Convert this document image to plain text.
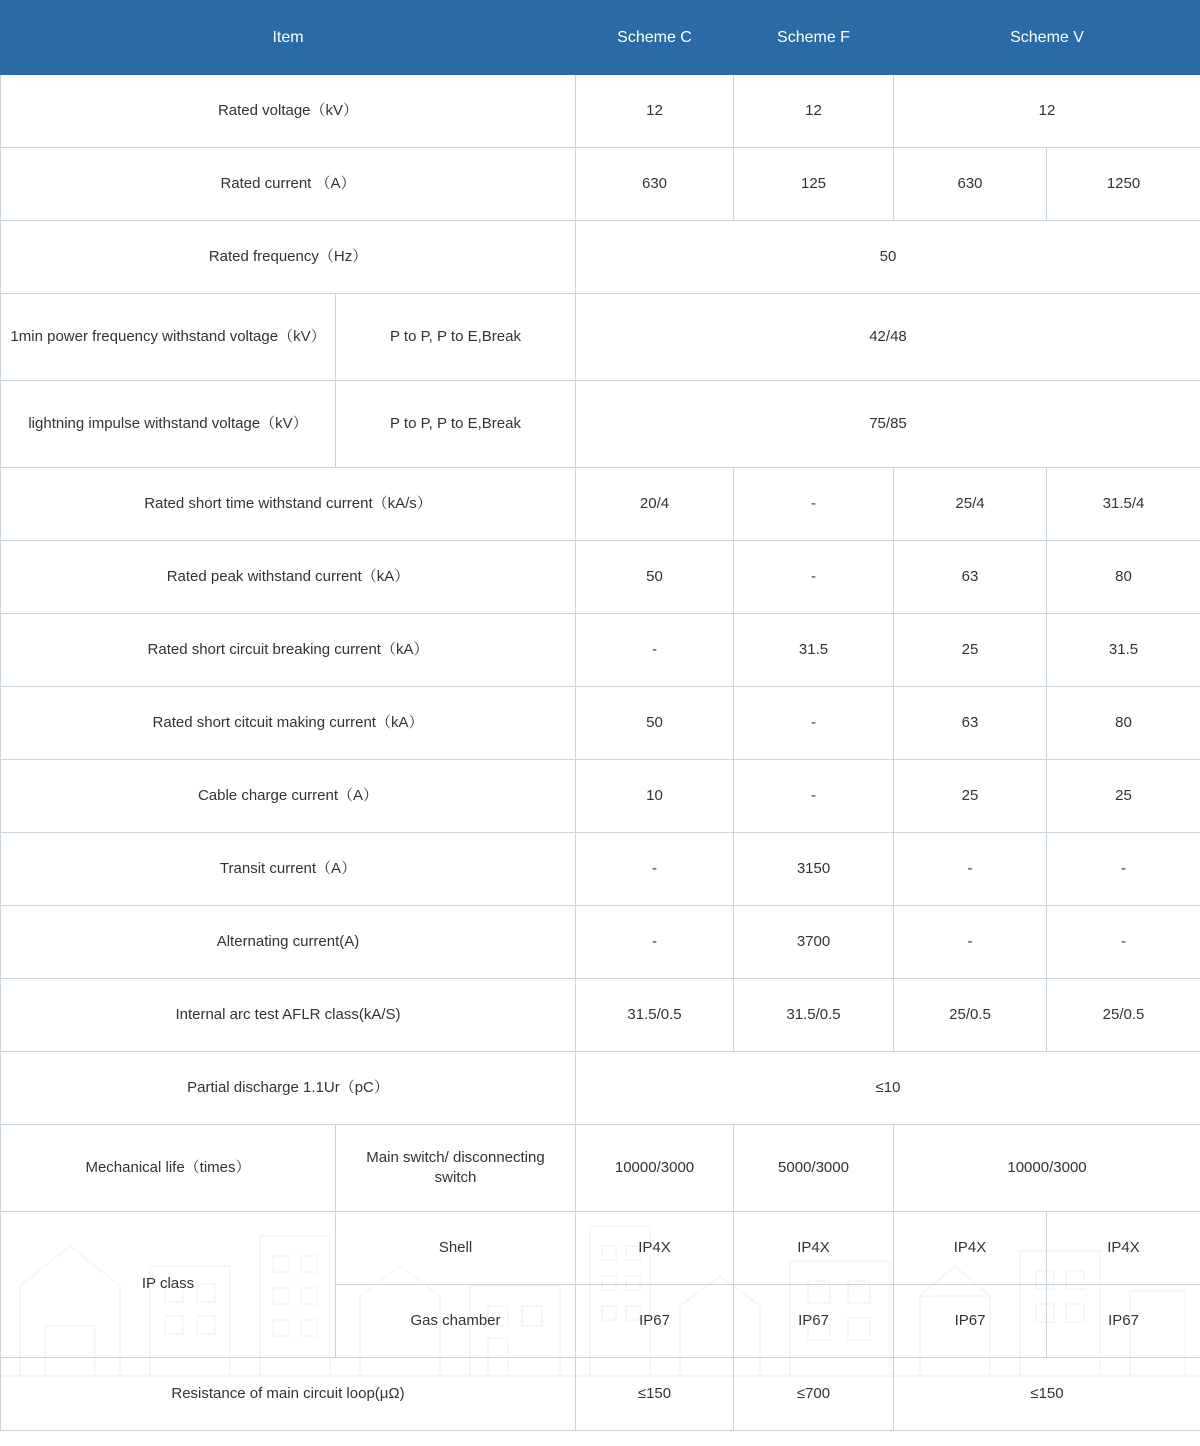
Item		Scheme C	Scheme F	Scheme V	
Rated voltage（kV）		12	12	12	
Rated current （A）		630	125	630	1250
Rated frequency（Hz）		50			
1min power frequency withstand voltage（kV）	P to P, P to E,Break	42/48			
lightning impulse withstand voltage（kV）	P to P, P to E,Break	75/85			
Rated short time withstand current（kA/s）		20/4	-	25/4	31.5/4
Rated peak withstand current（kA）		50	-	63	80
Rated short circuit breaking current（kA）		-	31.5	25	31.5
Rated short citcuit making current（kA）		50	-	63	80
Cable charge current（A）		10	-	25	25
Transit current（A）		-	3150	-	-
Alternating current(A)		-	3700	-	-
Internal arc test AFLR class(kA/S)		31.5/0.5	31.5/0.5	25/0.5	25/0.5
Partial discharge 1.1Ur（pC）		≤10			
Mechanical life（times）	Main switch/ disconnecting switch	10000/3000	5000/3000	10000/3000	
IP class	Shell	IP4X	IP4X	IP4X	IP4X
	Gas chamber	IP67	IP67	IP67	IP67
Resistance of main circuit loop(μΩ)		≤150	≤700	≤150	
